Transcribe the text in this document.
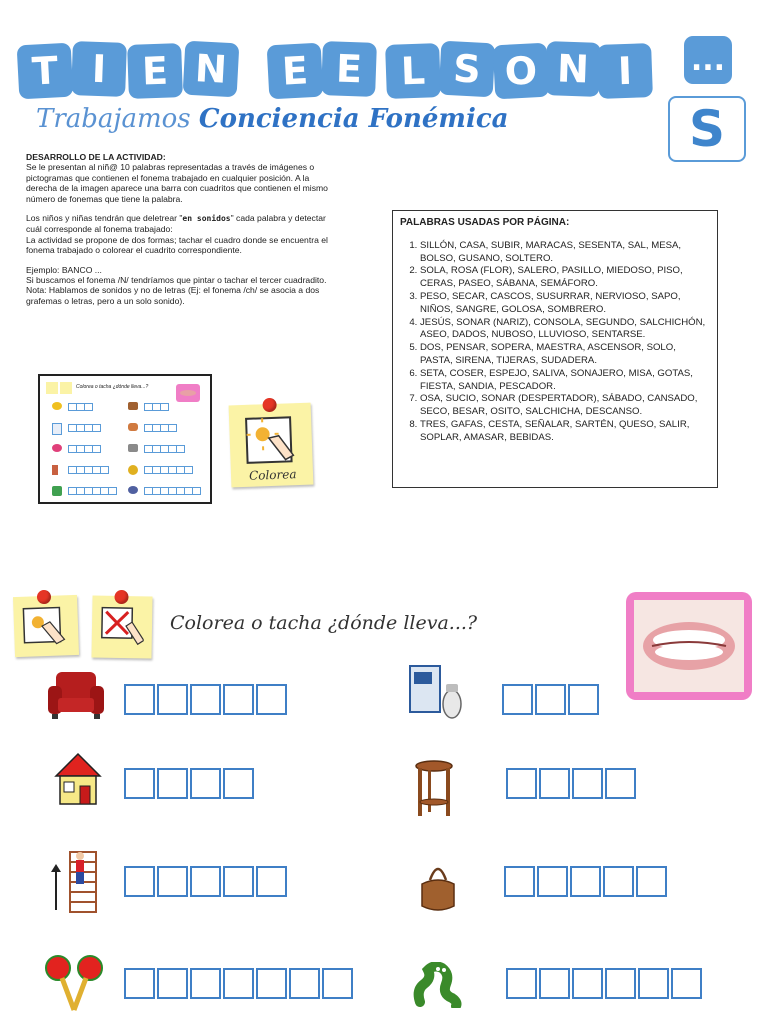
T I E N	E E L S O N I	...
S
Trabajamos Conciencia Fonémica

DESARROLLO DE LA ACTIVIDAD:

Se le presentan al niñ@ 10 palabras representadas a través de imágenes o pictogramas que contienen el fonema trabajado en cualquier posición. A la derecha de la imagen aparece una barra con cuadritos que contienen el mismo número de fonemas que tiene la palabra.

Los niños y niñas tendrán que deletrear "en sonidos" cada palabra y detectar cuál corresponde al fonema trabajado:

La actividad se propone de dos formas; tachar el cuadro donde se encuentra el fonema trabajado o colorear el cuadrito correspondiente.

Ejemplo: BANCO ...

Si buscamos el fonema /N/ tendríamos que pintar o tachar el tercer cuadradito.

Nota: Hablamos de sonidos y no de letras (Ej: el fonema /ch/ se asocia a dos grafemas o letras, pero a un solo sonido).

PALABRAS USADAS POR PÁGINA:

1. SILLÓN, CASA, SUBIR, MARACAS, SESENTA, SAL, MESA, BOLSO, GUSANO, SOLTERO.
2. SOLA, ROSA (FLOR), SALERO, PASILLO, MIEDOSO, PISO, CERAS, PASEO, SÁBANA, SEMÁFORO.
3. PESO, SECAR, CASCOS, SUSURRAR, NERVIOSO, SAPO, NIÑOS, SANGRE, GOLOSA, SOMBRERO.
4. JESÚS, SONAR (NARIZ), CONSOLA, SEGUNDO, SALCHICHÓN, ASEO, DADOS, NUBOSO, LLUVIOSO, SENTARSE.
5. DOS, PENSAR, SOPERA, MAESTRA, ASCENSOR, SOLO, PASTA, SIRENA, TIJERAS, SUDADERA.
6. SETA, COSER, ESPEJO, SALIVA, SONAJERO, MISA, GOTAS, FIESTA, SANDIA, PESCADOR.
7. OSA, SUCIO, SONAR (DESPERTADOR), SÁBADO, CANSADO, SECO, BESAR, OSITO, SALCHICHA, DESCANSO.
8. TRES, GAFAS, CESTA, SEÑALAR, SARTÉN, QUESO, SALIR, SOPLAR, AMASAR, BEBIDAS.
Colorea o tacha ¿dónde lleva...?
Colorea
Colorea o tacha ¿dónde lleva...?
